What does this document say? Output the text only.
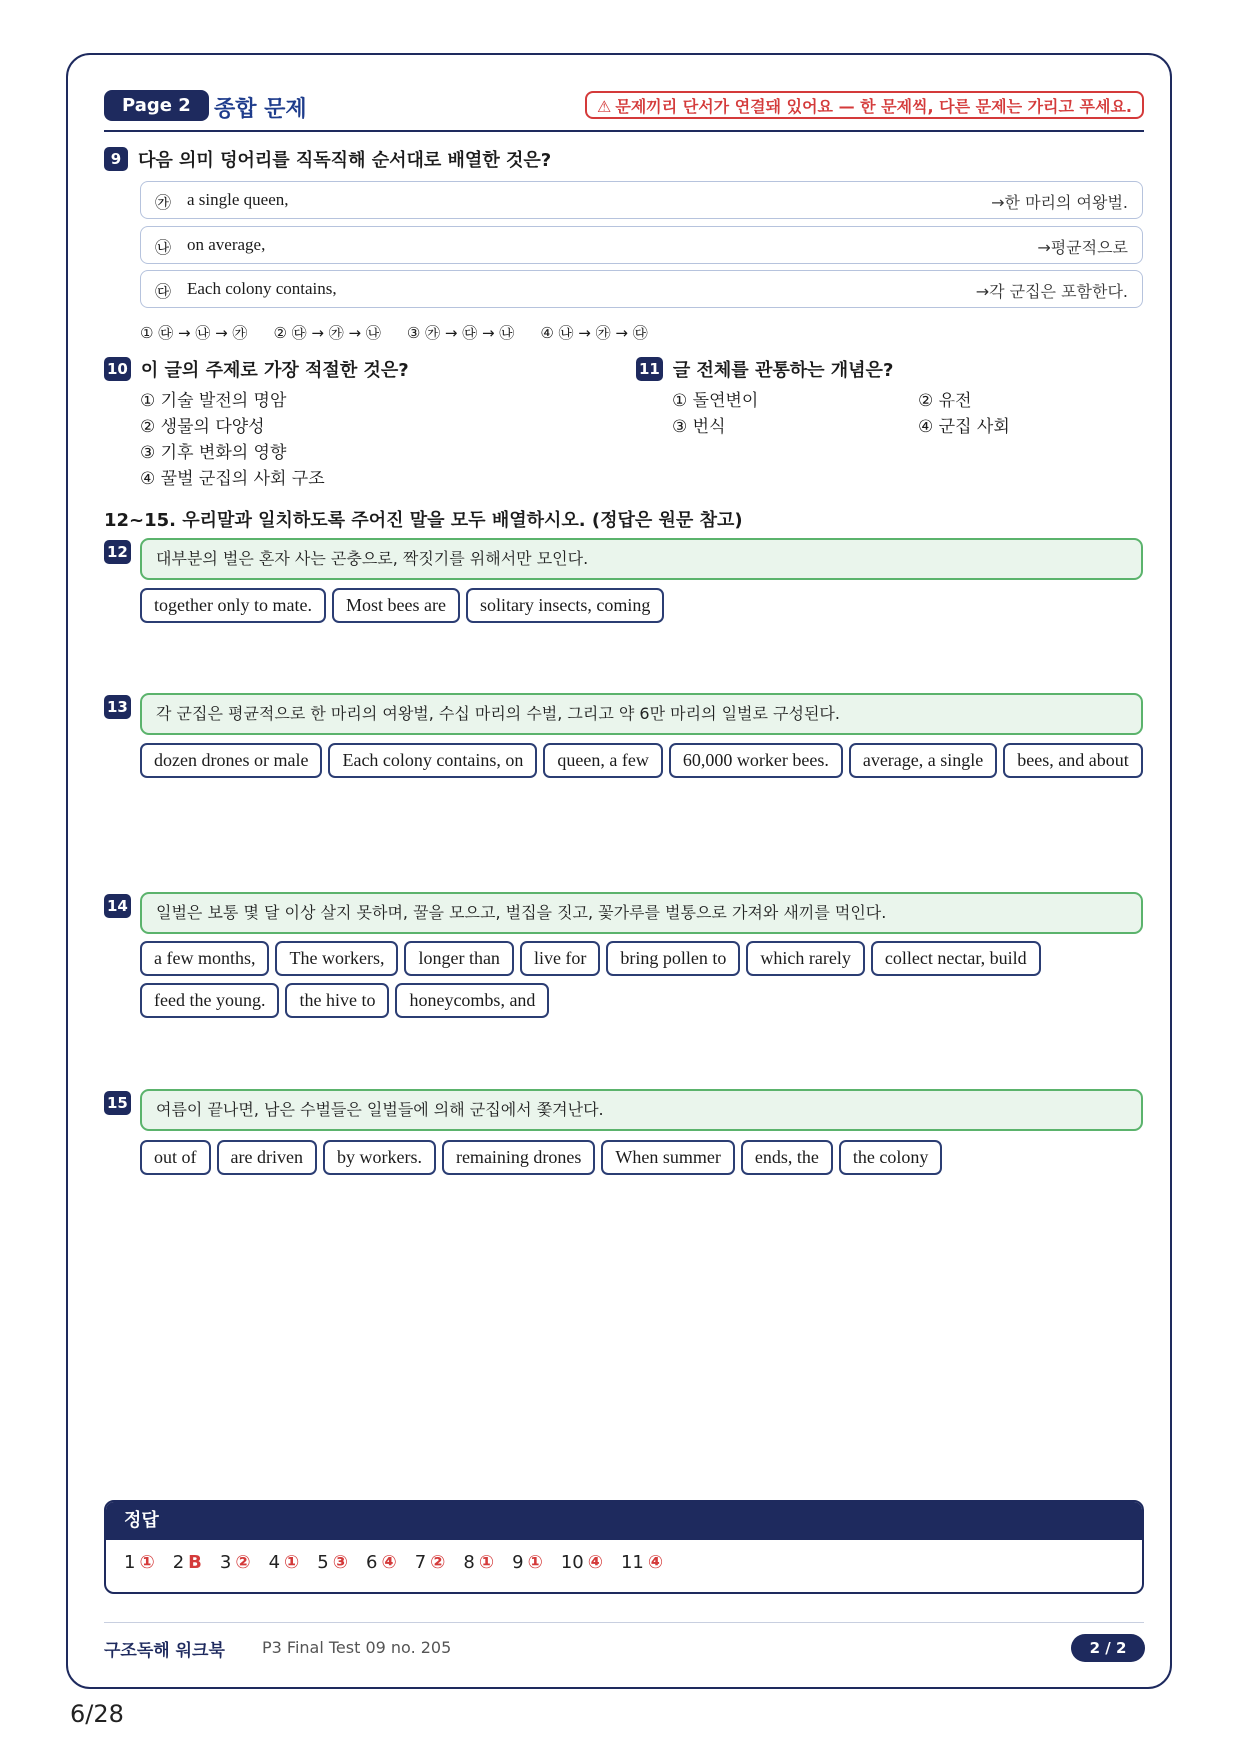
Page 2	종합 문제	⚠ 문제끼리 단서가 연결돼 있어요 — 한 문제씩, 다른 문제는 가리고 푸세요.
9 다음 의미 덩어리를 직독직해 순서대로 배열한 것은?
㉮ a single queen,	→한 마리의 여왕벌.
㉯ on average,	→평균적으로
㉰ Each colony contains,	→각 군집은 포함한다.
① ㉰ → ㉯ → ㉮ ② ㉰ → ㉮ → ㉯ ③ ㉮ → ㉰ → ㉯ ④ ㉯ → ㉮ → ㉰
10 이 글의 주제로 가장 적절한 것은?
① 기술 발전의 명암
② 생물의 다양성
③ 기후 변화의 영향
④ 꿀벌 군집의 사회 구조
11 글 전체를 관통하는 개념은?
① 돌연변이
③ 번식
② 유전
④ 군집 사회
12~15. 우리말과 일치하도록 주어진 말을 모두 배열하시오. (정답은 원문 참고)
12	대부분의 벌은 혼자 사는 곤충으로, 짝짓기를 위해서만 모인다.
together only to mate.	Most bees are	solitary insects, coming
13	각 군집은 평균적으로 한 마리의 여왕벌, 수십 마리의 수벌, 그리고 약 6만 마리의 일벌로 구성된다.
dozen drones or male	Each colony contains, on	queen, a few	60,000 worker bees.	average, a single	bees, and about
14	일벌은 보통 몇 달 이상 살지 못하며, 꿀을 모으고, 벌집을 짓고, 꽃가루를 벌통으로 가져와 새끼를 먹인다.
a few months,	The workers,	longer than	live for	bring pollen to	which rarely	collect nectar, build
feed the young.	the hive to	honeycombs, and
15	여름이 끝나면, 남은 수벌들은 일벌들에 의해 군집에서 쫓겨난다.
out of	are driven	by workers.	remaining drones	When summer	ends, the	the colony
정답
1 ① 2 B 3 ② 4 ① 5 ③ 6 ④ 7 ② 8 ① 9 ① 10 ④ 11 ④
구조독해 워크북 P3 Final Test 09 no. 205	2 / 2
6/28
